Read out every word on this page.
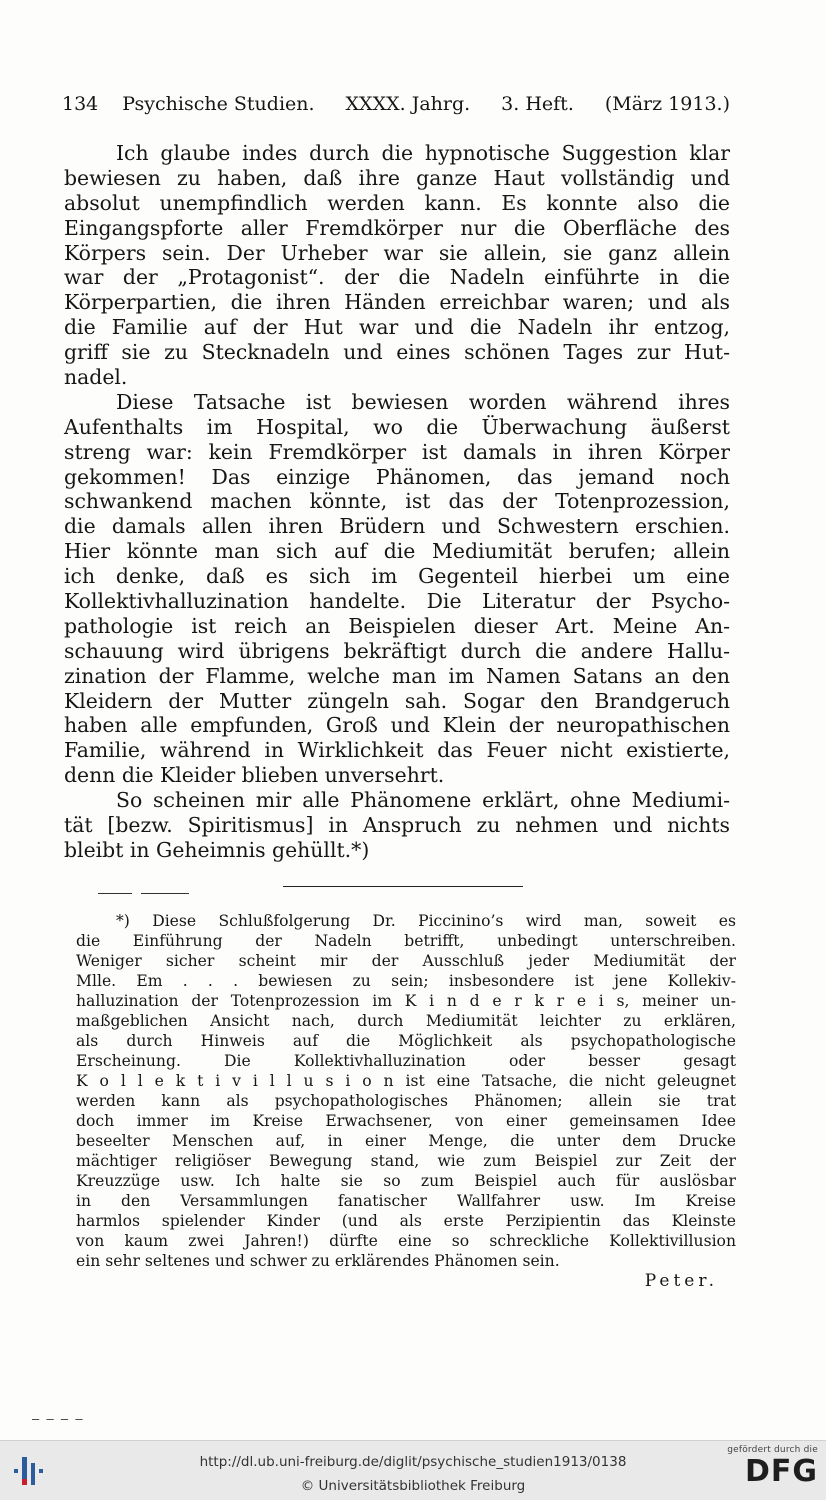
134 Psychische Studien. XXXX. Jahrg. 3. Heft. (März 1913.)
Ich glaube indes durch die hypnotische Suggestion klar
bewiesen zu haben, daß ihre ganze Haut vollständig und
absolut unempfindlich werden kann. Es konnte also die
Eingangspforte aller Fremdkörper nur die Oberfläche des
Körpers sein. Der Urheber war sie allein, sie ganz allein
war der „Protagonist“. der die Nadeln einführte in die
Körperpartien, die ihren Händen erreichbar waren; und als
die Familie auf der Hut war und die Nadeln ihr entzog,
griff sie zu Stecknadeln und eines schönen Tages zur Hut-
nadel.
Diese Tatsache ist bewiesen worden während ihres
Aufenthalts im Hospital, wo die Überwachung äußerst
streng war: kein Fremdkörper ist damals in ihren Körper
gekommen! Das einzige Phänomen, das jemand noch
schwankend machen könnte, ist das der Totenprozession,
die damals allen ihren Brüdern und Schwestern erschien.
Hier könnte man sich auf die Mediumität berufen; allein
ich denke, daß es sich im Gegenteil hierbei um eine
Kollektivhalluzination handelte. Die Literatur der Psycho-
pathologie ist reich an Beispielen dieser Art. Meine An-
schauung wird übrigens bekräftigt durch die andere Hallu-
zination der Flamme, welche man im Namen Satans an den
Kleidern der Mutter züngeln sah. Sogar den Brandgeruch
haben alle empfunden, Groß und Klein der neuropathischen
Familie, während in Wirklichkeit das Feuer nicht existierte,
denn die Kleider blieben unversehrt.
So scheinen mir alle Phänomene erklärt, ohne Mediumi-
tät [bezw. Spiritismus] in Anspruch zu nehmen und nichts
bleibt in Geheimnis gehüllt.*)
*) Diese Schlußfolgerung Dr. Piccinino’s wird man, soweit es
die Einführung der Nadeln betrifft, unbedingt unterschreiben.
Weniger sicher scheint mir der Ausschluß jeder Mediumität der
Mlle. Em . . . bewiesen zu sein; insbesondere ist jene Kollekiv-
halluzination der Totenprozession im K i n d e r k r e i s, meiner un-
maßgeblichen Ansicht nach, durch Mediumität leichter zu erklären,
als durch Hinweis auf die Möglichkeit als psychopathologische
Erscheinung. Die Kollektivhalluzination oder besser gesagt
K o l l e k t i v i l l u s i o n ist eine Tatsache, die nicht geleugnet
werden kann als psychopathologisches Phänomen; allein sie trat
doch immer im Kreise Erwachsener, von einer gemeinsamen Idee
beseelter Menschen auf, in einer Menge, die unter dem Drucke
mächtiger religiöser Bewegung stand, wie zum Beispiel zur Zeit der
Kreuzzüge usw. Ich halte sie so zum Beispiel auch für auslösbar
in den Versammlungen fanatischer Wallfahrer usw. Im Kreise
harmlos spielender Kinder (und als erste Perzipientin das Kleinste
von kaum zwei Jahren!) dürfte eine so schreckliche Kollektivillusion
ein sehr seltenes und schwer zu erklärendes Phänomen sein.
Peter.
— — — —
http://dl.ub.uni-freiburg.de/diglit/psychische_studien1913/0138
© Universitätsbibliothek Freiburg
gefördert durch die
DFG
